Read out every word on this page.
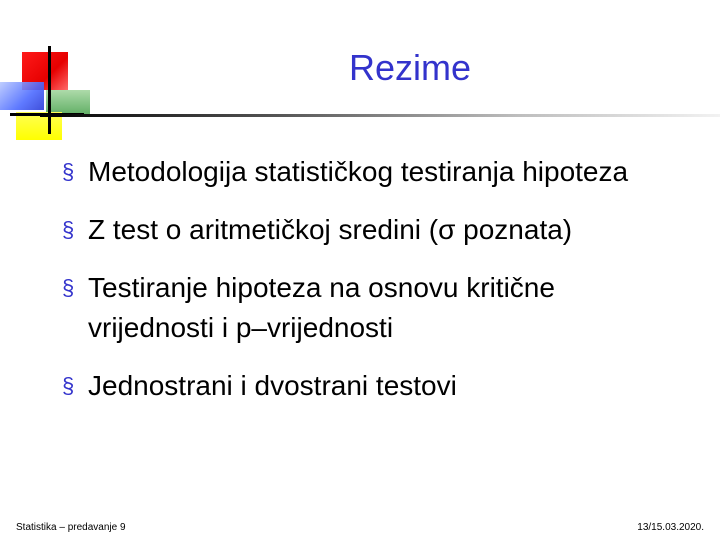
Rezime
§ Metodologija statističkog testiranja hipoteza
§ Z test o aritmetičkoj sredini (σ poznata)
§ Testiranje hipoteza na osnovu kritične vrijednosti i p–vrijednosti
§ Jednostrani i dvostrani testovi
Statistika – predavanje 9	13/15.03.2020.
